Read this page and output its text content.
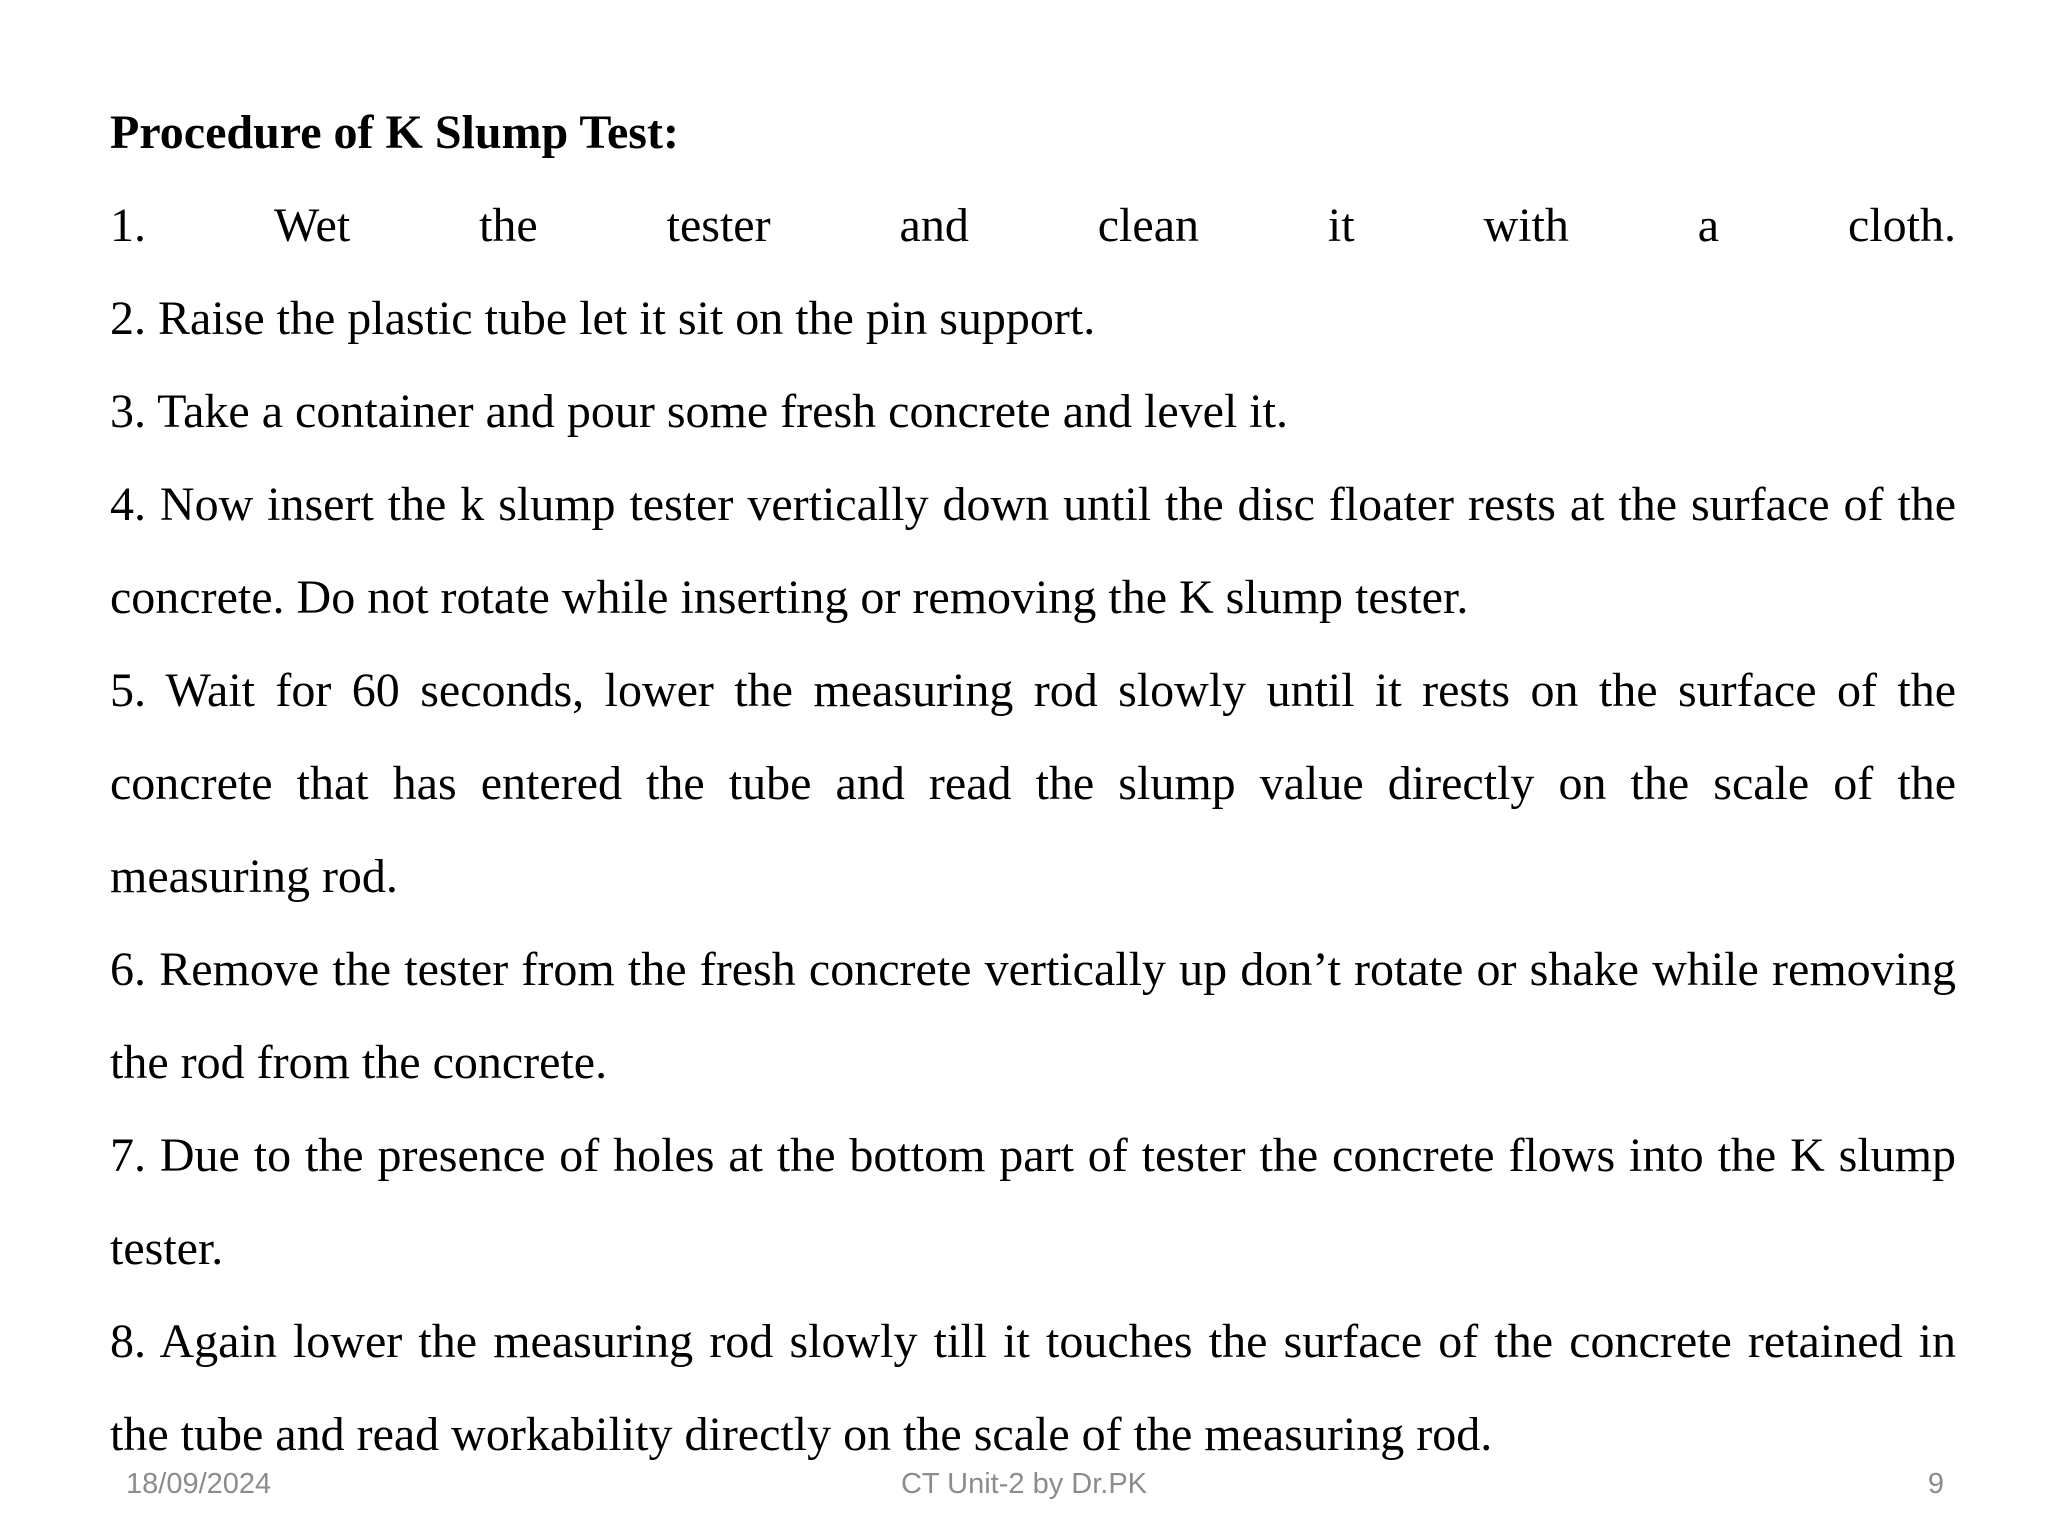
Procedure of K Slump Test:

1. Wet the tester and clean it with a cloth.

2. Raise the plastic tube let it sit on the pin support.

3. Take a container and pour some fresh concrete and level it.

4. Now insert the k slump tester vertically down until the disc floater rests at the surface of the concrete. Do not rotate while inserting or removing the K slump tester.

5. Wait for 60 seconds, lower the measuring rod slowly until it rests on the surface of the concrete that has entered the tube and read the slump value directly on the scale of the measuring rod.

6. Remove the tester from the fresh concrete vertically up don’t rotate or shake while removing the rod from the concrete.

7. Due to the presence of holes at the bottom part of tester the concrete flows into the K slump tester.

8. Again lower the measuring rod slowly till it touches the surface of the concrete retained in the tube and read workability directly on the scale of the measuring rod.

18/09/2024	CT Unit-2 by Dr.PK	9
